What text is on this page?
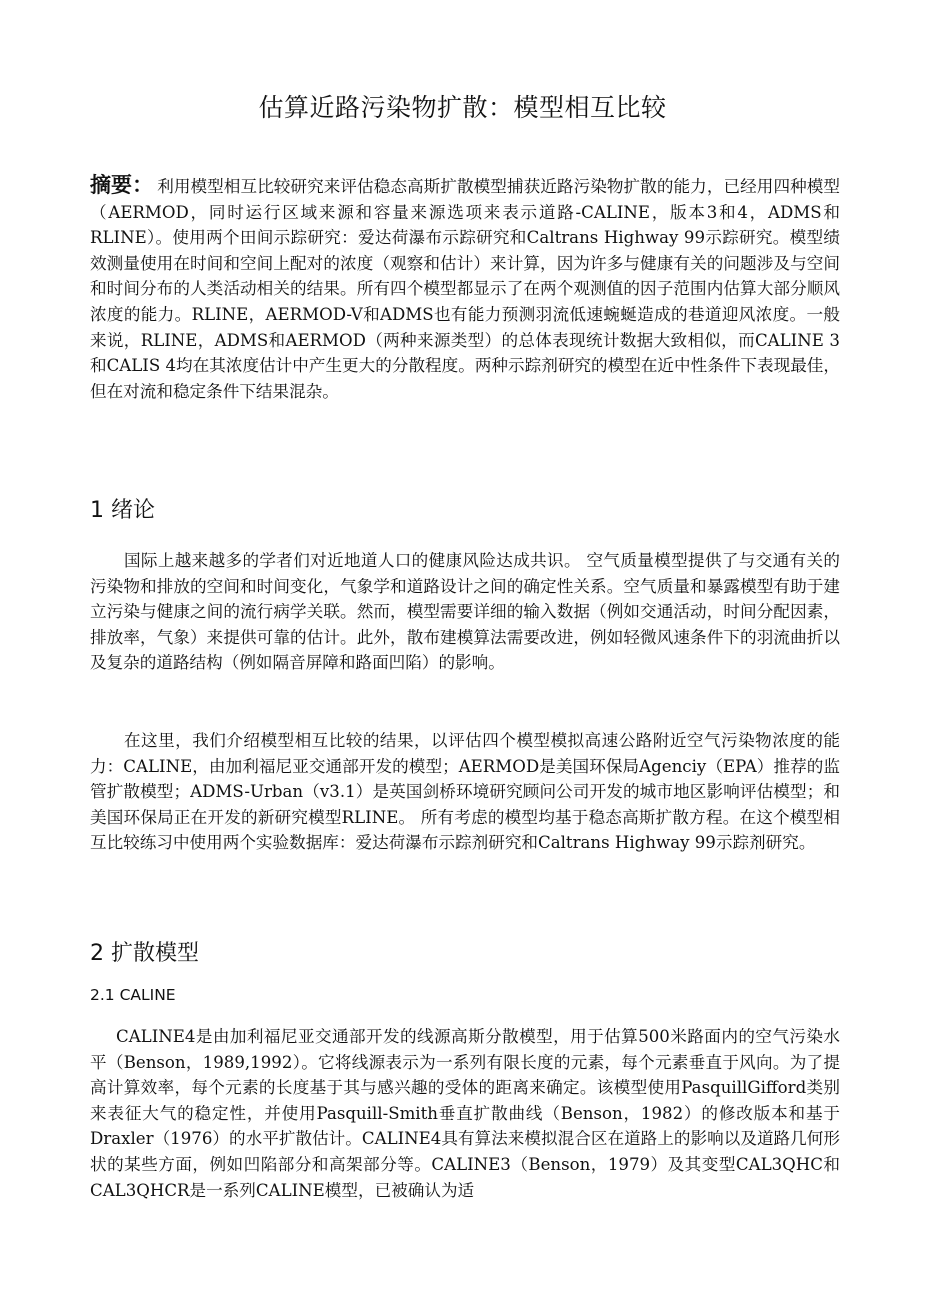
估算近路污染物扩散：模型相互比较

摘要： 利用模型相互比较研究来评估稳态高斯扩散模型捕获近路污染物扩散的能力，已经用四种模型（AERMOD，同时运行区域来源和容量来源选项来表示道路-CALINE，版本3和4，ADMS和RLINE）。使用两个田间示踪研究：爱达荷瀑布示踪研究和Caltrans Highway 99示踪研究。模型绩效测量使用在时间和空间上配对的浓度（观察和估计）来计算，因为许多与健康有关的问题涉及与空间和时间分布的人类活动相关的结果。所有四个模型都显示了在两个观测值的因子范围内估算大部分顺风浓度的能力。RLINE，AERMOD-V和ADMS也有能力预测羽流低速蜿蜒造成的巷道迎风浓度。一般来说，RLINE，ADMS和AERMOD（两种来源类型）的总体表现统计数据大致相似，而CALINE 3和CALIS 4均在其浓度估计中产生更大的分散程度。两种示踪剂研究的模型在近中性条件下表现最佳，但在对流和稳定条件下结果混杂。

1 绪论

国际上越来越多的学者们对近地道人口的健康风险达成共识。 空气质量模型提供了与交通有关的污染物和排放的空间和时间变化，气象学和道路设计之间的确定性关系。空气质量和暴露模型有助于建立污染与健康之间的流行病学关联。然而，模型需要详细的输入数据（例如交通活动，时间分配因素，排放率，气象）来提供可靠的估计。此外，散布建模算法需要改进，例如轻微风速条件下的羽流曲折以及复杂的道路结构（例如隔音屏障和路面凹陷）的影响。

在这里，我们介绍模型相互比较的结果，以评估四个模型模拟高速公路附近空气污染物浓度的能力：CALINE，由加利福尼亚交通部开发的模型；AERMOD是美国环保局Agenciy（EPA）推荐的监管扩散模型；ADMS-Urban（v3.1）是英国剑桥环境研究顾问公司开发的城市地区影响评估模型；和美国环保局正在开发的新研究模型RLINE。 所有考虑的模型均基于稳态高斯扩散方程。在这个模型相互比较练习中使用两个实验数据库：爱达荷瀑布示踪剂研究和Caltrans Highway 99示踪剂研究。

2 扩散模型
2.1 CALINE

CALINE4是由加利福尼亚交通部开发的线源高斯分散模型，用于估算500米路面内的空气污染水平（Benson，1989,1992）。它将线源表示为一系列有限长度的元素，每个元素垂直于风向。为了提高计算效率，每个元素的长度基于其与感兴趣的受体的距离来确定。该模型使用PasquillGifford类别来表征大气的稳定性，并使用Pasquill-Smith垂直扩散曲线（Benson，1982）的修改版本和基于Draxler（1976）的水平扩散估计。CALINE4具有算法来模拟混合区在道路上的影响以及道路几何形状的某些方面，例如凹陷部分和高架部分等。CALINE3（Benson，1979）及其变型CAL3QHC和CAL3QHCR是一系列CALINE模型，已被确认为适
